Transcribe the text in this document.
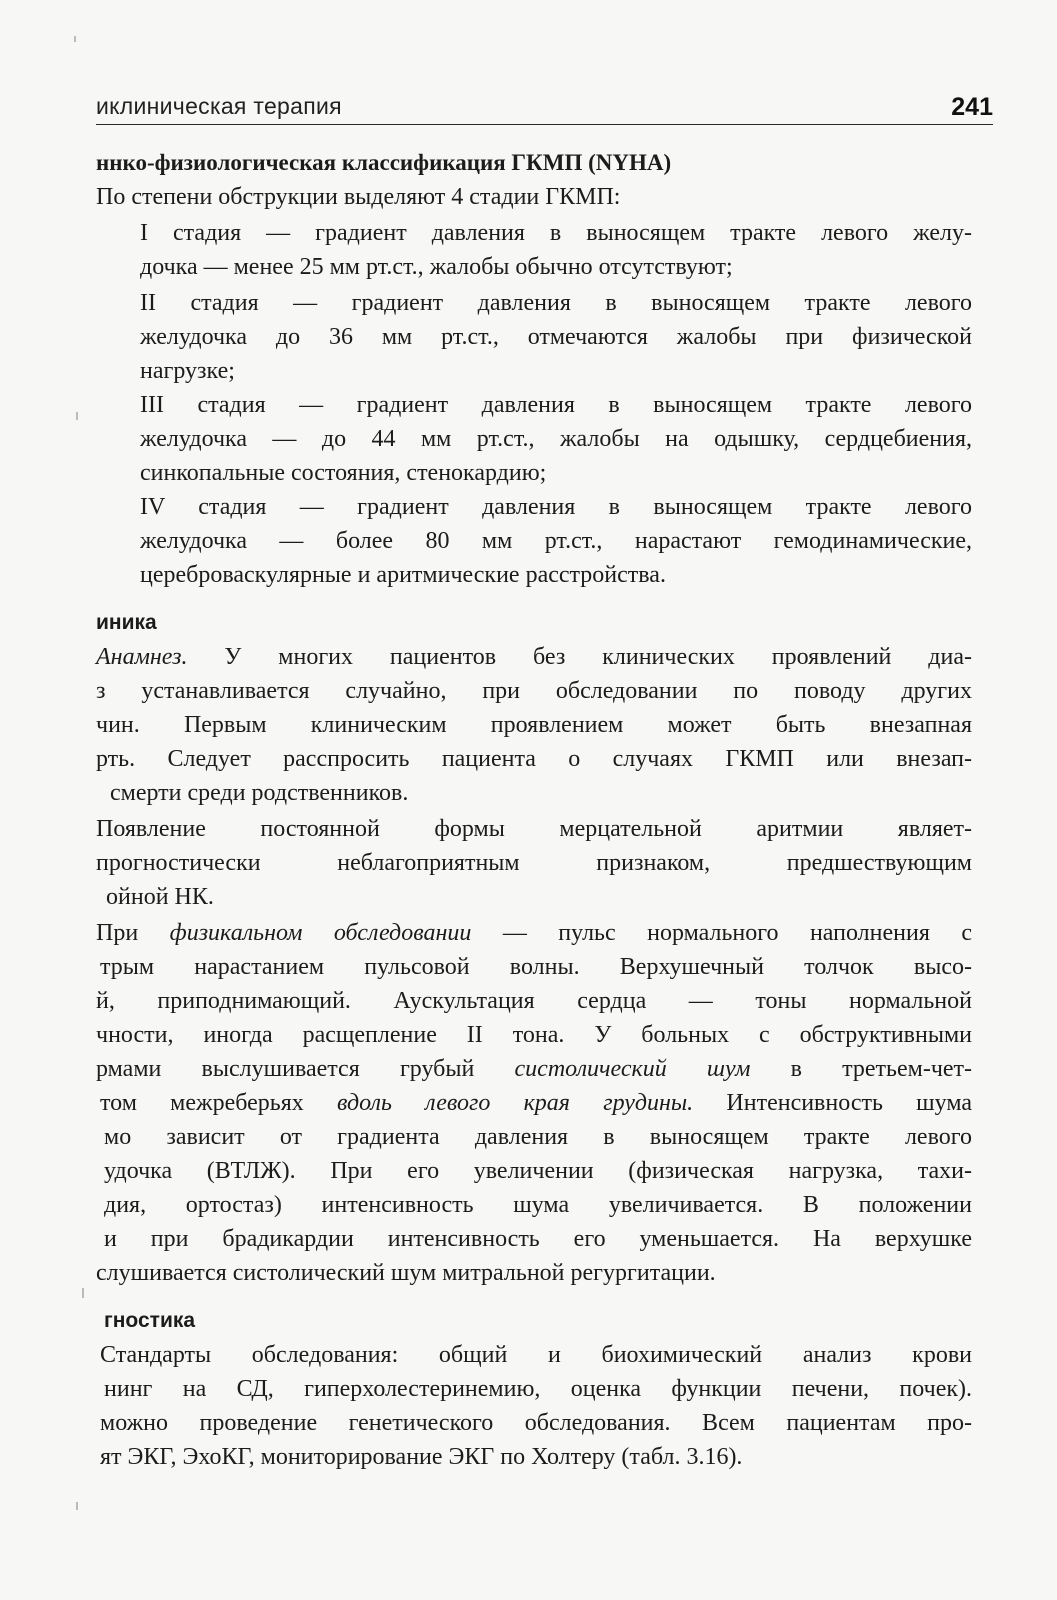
иклиническая терапия	241
ннко-физиологическая классификация ГКМП (NYHA)
По степени обструкции выделяют 4 стадии ГКМП:
I стадия — градиент давления в выносящем тракте левого желу-
дочка — менее 25 мм рт.ст., жалобы обычно отсутствуют;
II стадия — градиент давления в выносящем тракте левого
желудочка до 36 мм рт.ст., отмечаются жалобы при физической
нагрузке;
III стадия — градиент давления в выносящем тракте левого
желудочка — до 44 мм рт.ст., жалобы на одышку, сердцебиения,
синкопальные состояния, стенокардию;
IV стадия — градиент давления в выносящем тракте левого
желудочка — более 80 мм рт.ст., нарастают гемодинамические,
цереброваскулярные и аритмические расстройства.
иника
Анамнез. У многих пациентов без клинических проявлений диа-
з устанавливается случайно, при обследовании по поводу других
чин. Первым клиническим проявлением может быть внезапная
рть. Следует расспросить пациента о случаях ГКМП или внезап-
смерти среди родственников.
Появление постоянной формы мерцательной аритмии являет-
прогностически неблагоприятным признаком, предшествующим
ойной НК.
При физикальном обследовании — пульс нормального наполнения с
трым нарастанием пульсовой волны. Верхушечный толчок высо-
й, приподнимающий. Аускультация сердца — тоны нормальной
чности, иногда расщепление II тона. У больных с обструктивными
рмами выслушивается грубый систолический шум в третьем-чет-
том межреберьях вдоль левого края грудины. Интенсивность шума
мо зависит от градиента давления в выносящем тракте левого
удочка (ВТЛЖ). При его увеличении (физическая нагрузка, тахи-
дия, ортостаз) интенсивность шума увеличивается. В положении
и при брадикардии интенсивность его уменьшается. На верхушке
слушивается систолический шум митральной регургитации.
гностика
Стандарты обследования: общий и биохимический анализ крови
нинг на СД, гиперхолестеринемию, оценка функции печени, почек).
можно проведение генетического обследования. Всем пациентам про-
ят ЭКГ, ЭхоКГ, мониторирование ЭКГ по Холтеру (табл. 3.16).
